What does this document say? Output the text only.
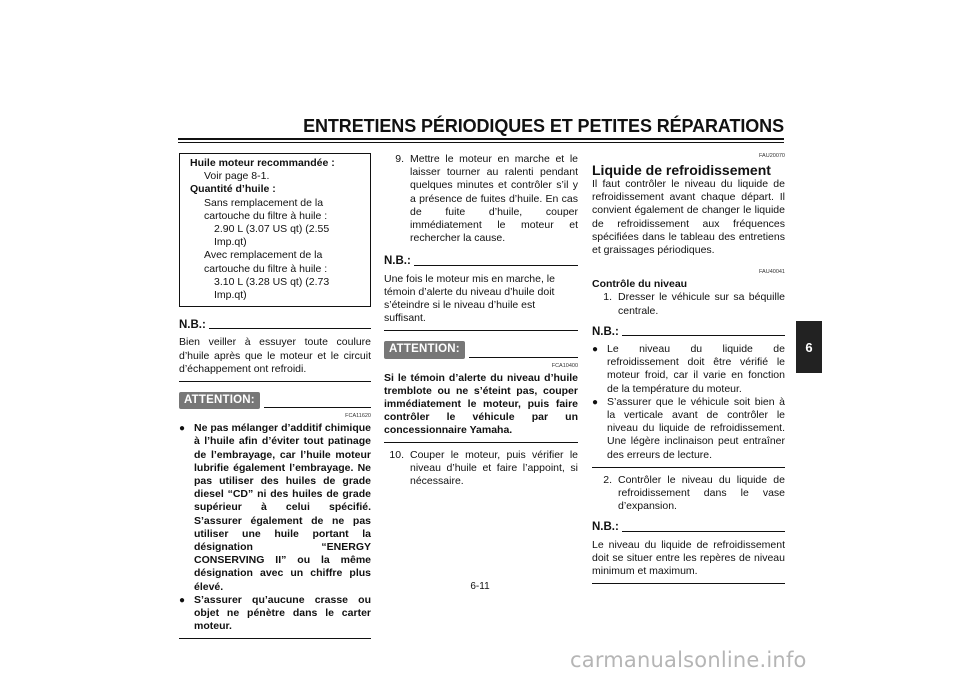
ENTRETIENS PÉRIODIQUES ET PETITES RÉPARATIONS
Huile moteur recommandée :
Voir page 8-1.
Quantité d’huile :
Sans remplacement de la cartouche du filtre à huile :
2.90 L (3.07 US qt) (2.55 Imp.qt)
Avec remplacement de la cartouche du filtre à huile :
3.10 L (3.28 US qt) (2.73 Imp.qt)
N.B.:
Bien veiller à essuyer toute coulure d’huile après que le moteur et le circuit d’échappement ont refroidi.
ATTENTION:
FCA11620
● Ne pas mélanger d’additif chimique à l’huile afin d’éviter tout patinage de l’embrayage, car l’huile moteur lubrifie également l’embrayage. Ne pas utiliser des huiles de grade diesel “CD” ni des huiles de grade supérieur à celui spécifié. S’assurer également de ne pas utiliser une huile portant la désignation “ENERGY CONSERVING II” ou la même désignation avec un chiffre plus élevé.
● S’assurer qu’aucune crasse ou objet ne pénètre dans le carter moteur.
9. Mettre le moteur en marche et le laisser tourner au ralenti pendant quelques minutes et contrôler s’il y a présence de fuites d’huile. En cas de fuite d’huile, couper immédiatement le moteur et rechercher la cause.
N.B.:
Une fois le moteur mis en marche, le témoin d’alerte du niveau d’huile doit s’éteindre si le niveau d’huile est suffisant.
ATTENTION:
FCA10400
Si le témoin d’alerte du niveau d’huile tremblote ou ne s’éteint pas, couper immédiatement le moteur, puis faire contrôler le véhicule par un concessionnaire Yamaha.
10. Couper le moteur, puis vérifier le niveau d’huile et faire l’appoint, si nécessaire.
FAU20070
Liquide de refroidissement
Il faut contrôler le niveau du liquide de refroidissement avant chaque départ. Il convient également de changer le liquide de refroidissement aux fréquences spécifiées dans le tableau des entretiens et graissages périodiques.
FAU40041
Contrôle du niveau
1. Dresser le véhicule sur sa béquille centrale.
N.B.:
● Le niveau du liquide de refroidissement doit être vérifié le moteur froid, car il varie en fonction de la température du moteur.
● S’assurer que le véhicule soit bien à la verticale avant de contrôler le niveau du liquide de refroidissement. Une légère inclinaison peut entraîner des erreurs de lecture.
2. Contrôler le niveau du liquide de refroidissement dans le vase d’expansion.
N.B.:
Le niveau du liquide de refroidissement doit se situer entre les repères de niveau minimum et maximum.
6-11
6
carmanualsonline.info
